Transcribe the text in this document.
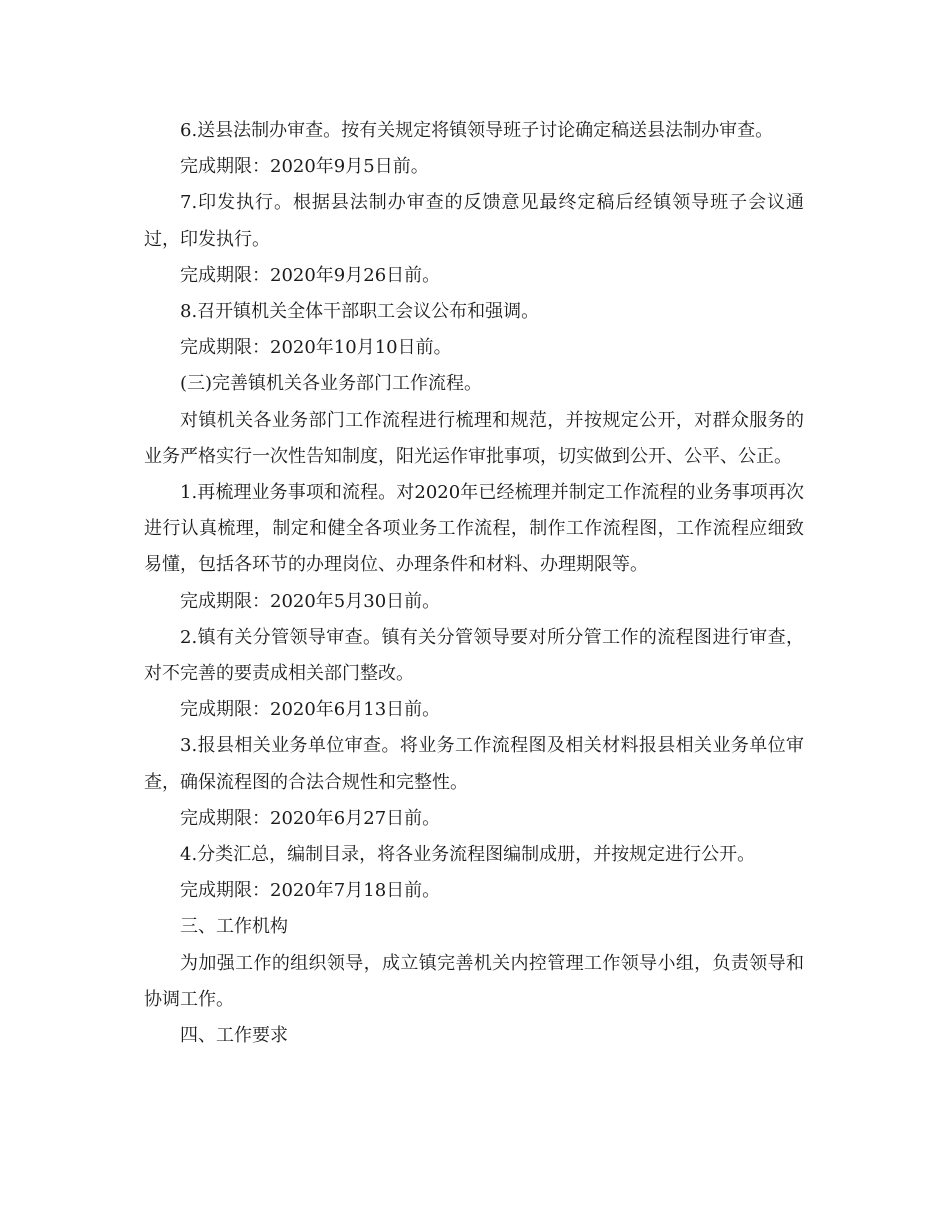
6.送县法制办审查。按有关规定将镇领导班子讨论确定稿送县法制办审查。

完成期限：2020年9月5日前。

7.印发执行。根据县法制办审查的反馈意见最终定稿后经镇领导班子会议通过，印发执行。

完成期限：2020年9月26日前。

8.召开镇机关全体干部职工会议公布和强调。

完成期限：2020年10月10日前。

(三)完善镇机关各业务部门工作流程。

对镇机关各业务部门工作流程进行梳理和规范，并按规定公开，对群众服务的业务严格实行一次性告知制度，阳光运作审批事项，切实做到公开、公平、公正。

1.再梳理业务事项和流程。对2020年已经梳理并制定工作流程的业务事项再次进行认真梳理，制定和健全各项业务工作流程，制作工作流程图，工作流程应细致易懂，包括各环节的办理岗位、办理条件和材料、办理期限等。

完成期限：2020年5月30日前。

2.镇有关分管领导审查。镇有关分管领导要对所分管工作的流程图进行审查，对不完善的要责成相关部门整改。

完成期限：2020年6月13日前。

3.报县相关业务单位审查。将业务工作流程图及相关材料报县相关业务单位审查，确保流程图的合法合规性和完整性。

完成期限：2020年6月27日前。

4.分类汇总，编制目录，将各业务流程图编制成册，并按规定进行公开。

完成期限：2020年7月18日前。

三、工作机构

为加强工作的组织领导，成立镇完善机关内控管理工作领导小组，负责领导和协调工作。

四、工作要求
